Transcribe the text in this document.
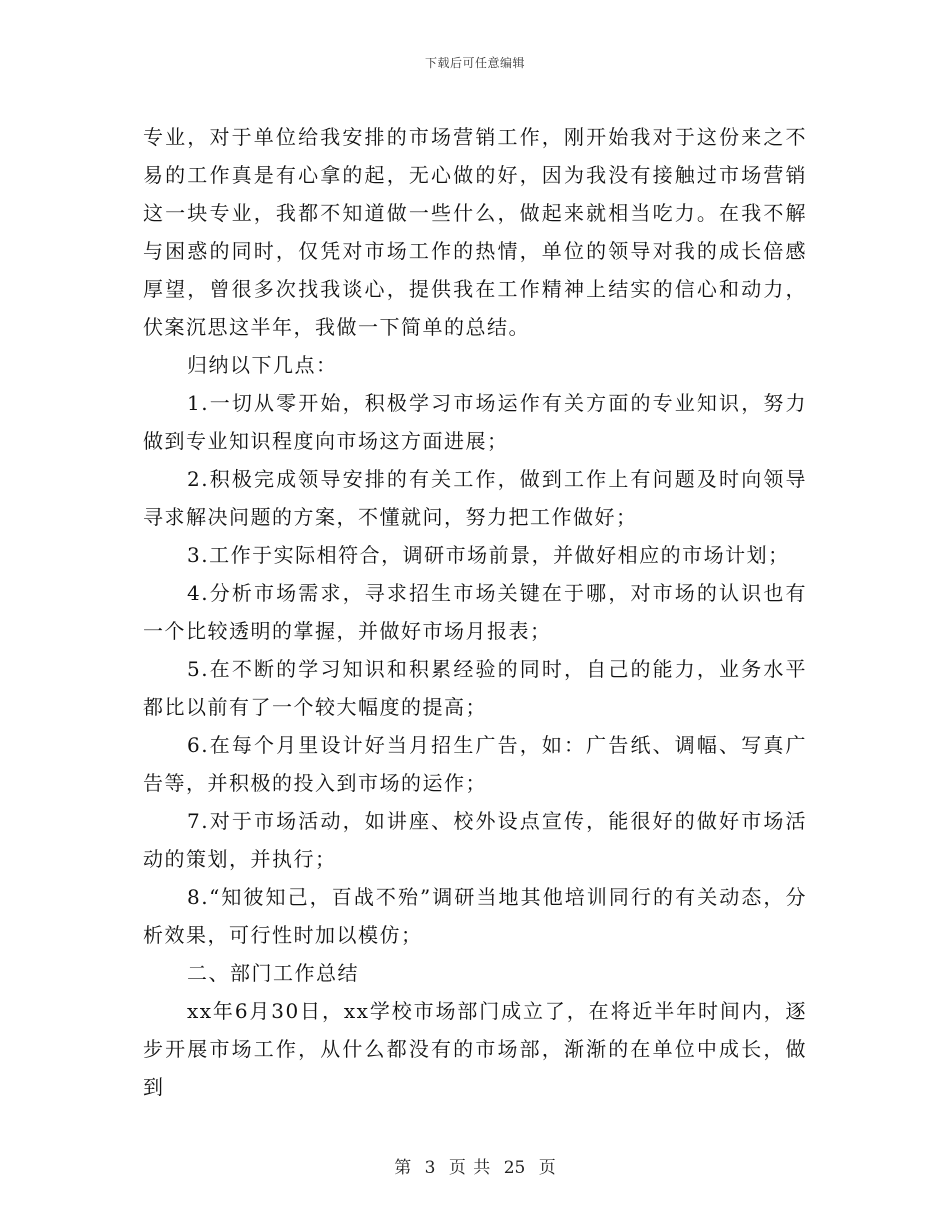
下载后可任意编辑

专业，对于单位给我安排的市场营销工作，刚开始我对于这份来之不易的工作真是有心拿的起，无心做的好，因为我没有接触过市场营销这一块专业，我都不知道做一些什么，做起来就相当吃力。在我不解与困惑的同时，仅凭对市场工作的热情，单位的领导对我的成长倍感厚望，曾很多次找我谈心，提供我在工作精神上结实的信心和动力，伏案沉思这半年，我做一下简单的总结。

归纳以下几点：

1.一切从零开始，积极学习市场运作有关方面的专业知识，努力做到专业知识程度向市场这方面进展；

2.积极完成领导安排的有关工作，做到工作上有问题及时向领导寻求解决问题的方案，不懂就问，努力把工作做好；

3.工作于实际相符合，调研市场前景，并做好相应的市场计划；

4.分析市场需求，寻求招生市场关键在于哪，对市场的认识也有一个比较透明的掌握，并做好市场月报表；

5.在不断的学习知识和积累经验的同时，自己的能力，业务水平都比以前有了一个较大幅度的提高；

6.在每个月里设计好当月招生广告，如：广告纸、调幅、写真广告等，并积极的投入到市场的运作；

7.对于市场活动，如讲座、校外设点宣传，能很好的做好市场活动的策划，并执行；

8.“知彼知己，百战不殆”调研当地其他培训同行的有关动态，分析效果，可行性时加以模仿；

二、部门工作总结

xx年6月30日，xx学校市场部门成立了，在将近半年时间内，逐步开展市场工作，从什么都没有的市场部，渐渐的在单位中成长，做到

第 3 页 共 25 页
